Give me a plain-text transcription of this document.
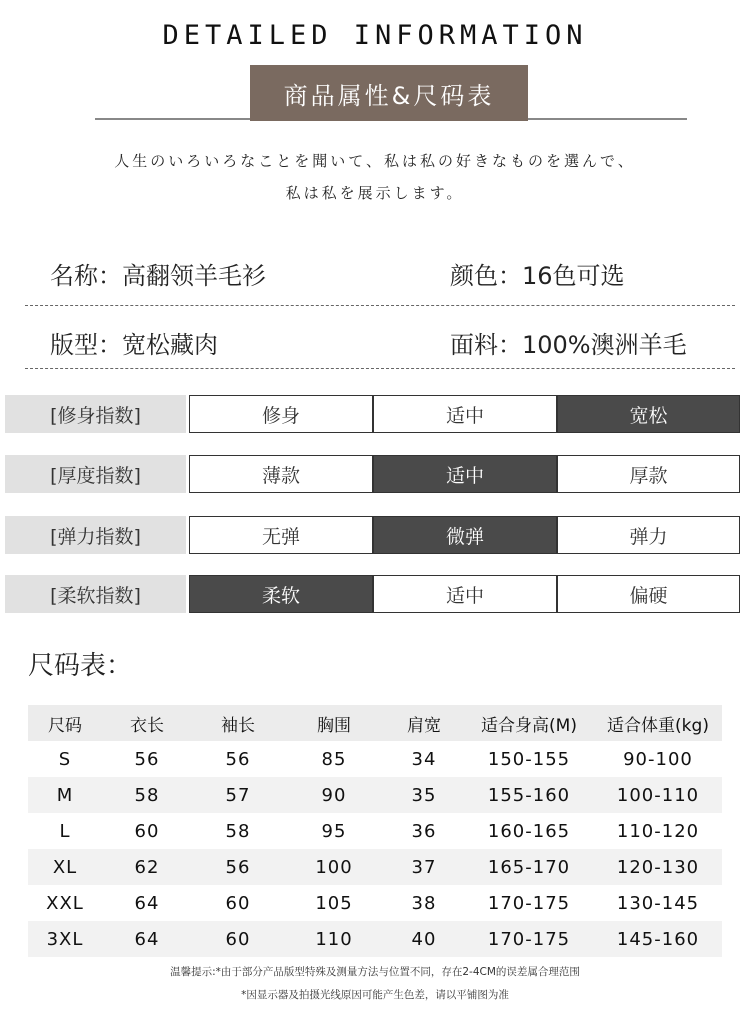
DETAILED INFORMATION
商品属性&尺码表
人生のいろいろなことを聞いて、私は私の好きなものを選んで、
私は私を展示します。
名称：高翻领羊毛衫	颜色：16色可选
版型：宽松藏肉	面料：100%澳洲羊毛
[修身指数]	修身	适中	宽松
[厚度指数]	薄款	适中	厚款
[弹力指数]	无弹	微弹	弹力
[柔软指数]	柔软	适中	偏硬
尺码表：
尺码	衣长	袖长	胸围	肩宽	适合身高(M)	适合体重(kg)
S	56	56	85	34	150-155	90-100
M	58	57	90	35	155-160	100-110
L	60	58	95	36	160-165	110-120
XL	62	56	100	37	165-170	120-130
XXL	64	60	105	38	170-175	130-145
3XL	64	60	110	40	170-175	145-160
温馨提示:*由于部分产品版型特殊及测量方法与位置不同，存在2-4CM的误差属合理范围
*因显示器及拍摄光线原因可能产生色差，请以平铺图为准
